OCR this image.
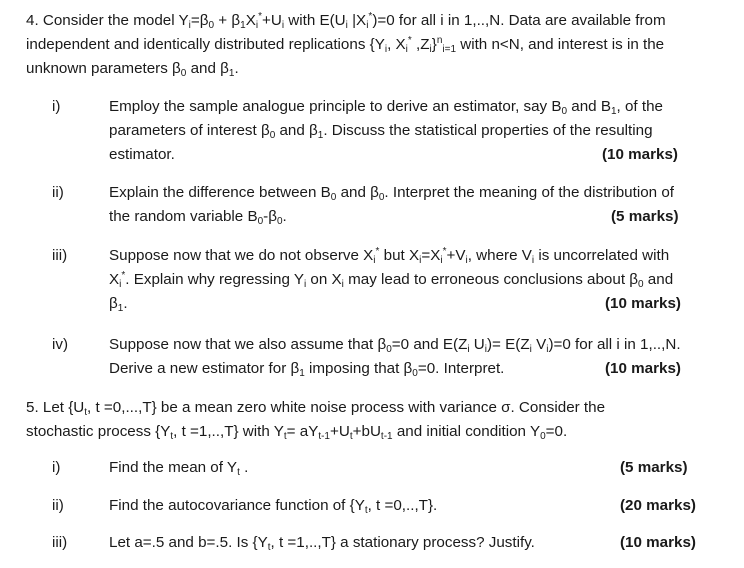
4. Consider the model $Y_i=\beta_0 + \beta_1X_i^*+U_i$ with $E(U_i$ $|X_i^*)=0$ for all i in 1,..,N. Data are available from
independent and identically distributed replications {$Y_i$, $X_i^*$ $,Z_i\}^n_{i=1}$ with n<N, and interest is in the
unknown parameters $\beta_0$ and $\beta_1$.
i)	Employ the sample analogue principle to derive an estimator, say $B_0$ and $B_1$, of the
parameters of interest $\beta_0$ and $\beta_1$. Discuss the statistical properties of the resulting
estimator.	(10 marks)
ii)	Explain the difference between $B_0$ and $\beta_0$. Interpret the meaning of the distribution of
the random variable $B_0-\beta_0$.	(5 marks)
iii)	Suppose now that we do not observe $X_i^*$ but $X_i=X_i^*+V_i$, where $V_i$ is uncorrelated with
$X_i^*$. Explain why regressing $Y_i$ on $X_i$ may lead to erroneous conclusions about $\beta_0$ and
$\beta_1$.	(10 marks)
iv)	Suppose now that we also assume that $\beta_0=0$ and $E(Z_i$ $U_i)= E(Z_i$ $V_i)=0$ for all i in 1,..,N.
Derive a new estimator for $\beta_1$ imposing that $\beta_0=0$. Interpret.	(10 marks)
5. Let {$U_t$, t =0,...,T} be a mean zero white noise process with variance σ. Consider the
stochastic process {$Y_t$, t =1,..,T} with $Y_t= aY_{t-1}+U_t+bU_{t-1}$ and initial condition $Y_0=0$.
i)	Find the mean of $Y_t$ .	(5 marks)
ii)	Find the autocovariance function of {$Y_t$, t =0,..,T}.	(20 marks)
iii)	Let a=.5 and b=.5. Is {$Y_t$, t =1,..,T} a stationary process? Justify.	(10 marks)
